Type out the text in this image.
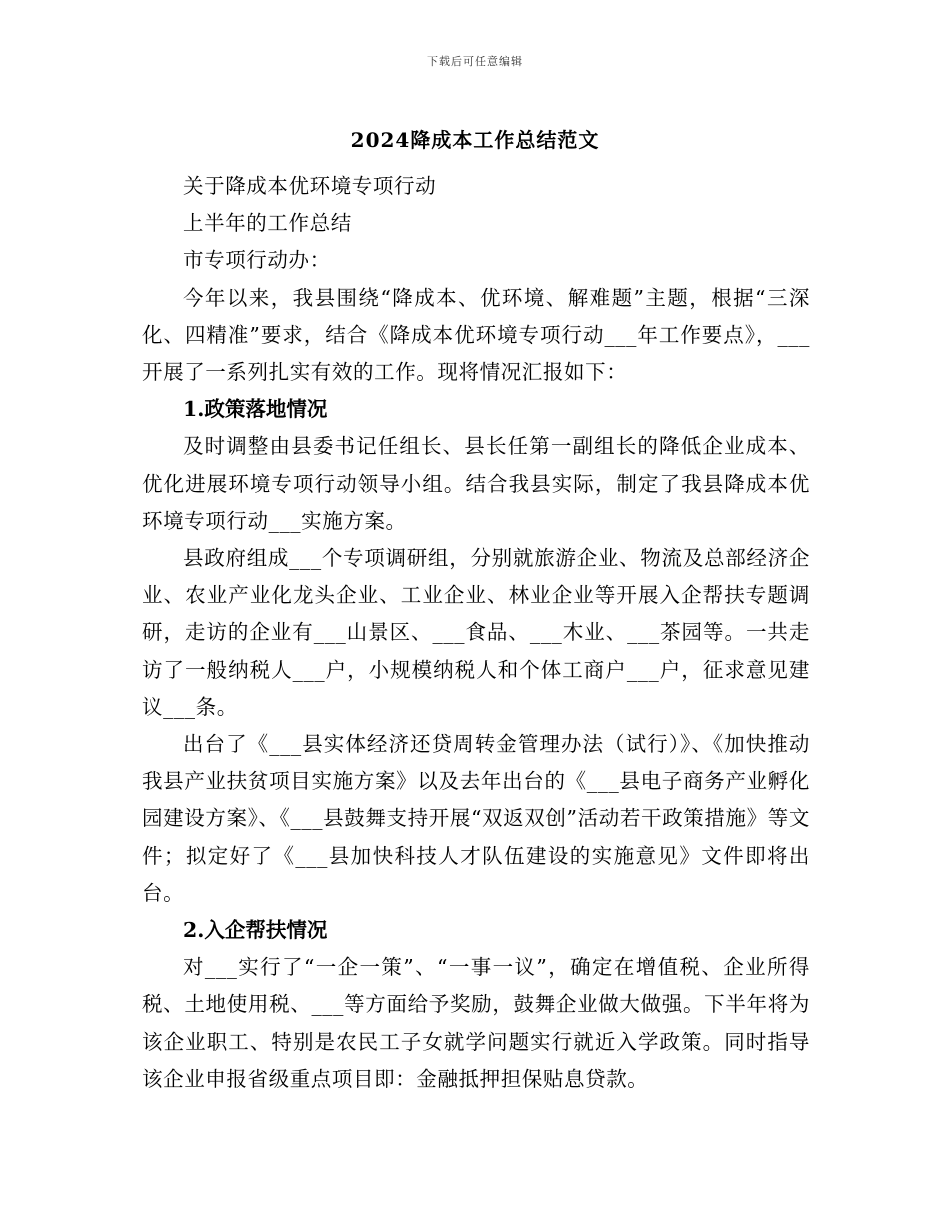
下载后可任意编辑
2024降成本工作总结范文

关于降成本优环境专项行动

上半年的工作总结

市专项行动办：

今年以来，我县围绕“降成本、优环境、解难题”主题，根据“三深化、四精准”要求，结合《降成本优环境专项行动___年工作要点》，___开展了一系列扎实有效的工作。现将情况汇报如下：

1.政策落地情况

及时调整由县委书记任组长、县长任第一副组长的降低企业成本、优化进展环境专项行动领导小组。结合我县实际，制定了我县降成本优环境专项行动___实施方案。

县政府组成___个专项调研组，分别就旅游企业、物流及总部经济企业、农业产业化龙头企业、工业企业、林业企业等开展入企帮扶专题调研，走访的企业有___山景区、___食品、___木业、___茶园等。一共走访了一般纳税人___户，小规模纳税人和个体工商户___户，征求意见建议___条。

出台了《___县实体经济还贷周转金管理办法（试行）》、《加快推动我县产业扶贫项目实施方案》以及去年出台的《___县电子商务产业孵化园建设方案》、《___县鼓舞支持开展“双返双创”活动若干政策措施》等文件；拟定好了《___县加快科技人才队伍建设的实施意见》文件即将出台。

2.入企帮扶情况

对___实行了“一企一策”、“一事一议”，确定在增值税、企业所得税、土地使用税、___等方面给予奖励，鼓舞企业做大做强。下半年将为该企业职工、特别是农民工子女就学问题实行就近入学政策。同时指导该企业申报省级重点项目即：金融抵押担保贴息贷款。
